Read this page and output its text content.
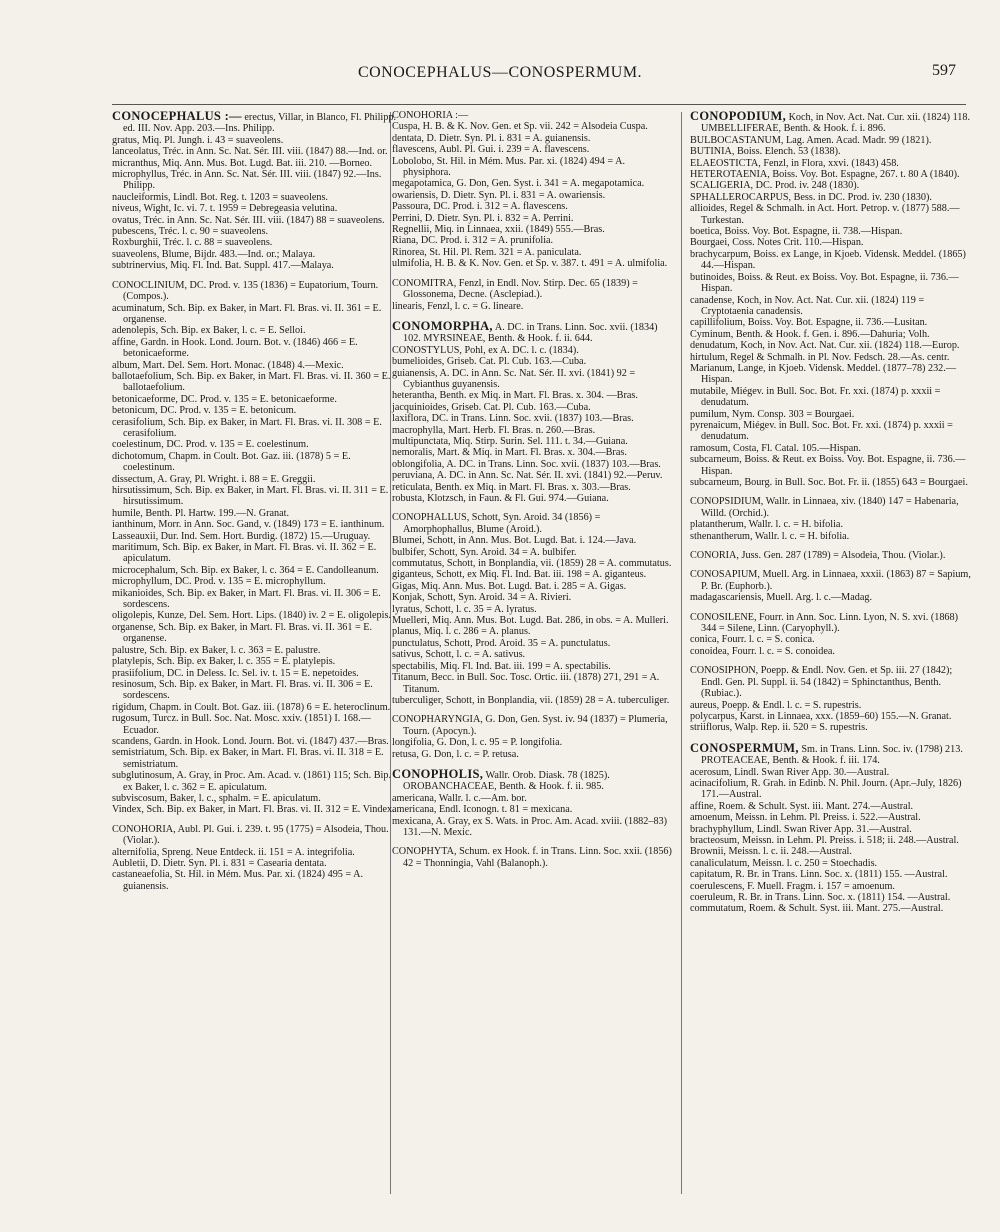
CONOCEPHALUS—CONOSPERMUM.	597
CONOCEPHALUS :— erectus, Villar, in Blanco, Fl. Philipp. ed. III. Nov. App. 203.—Ins. Philipp.
gratus, Miq. Pl. Jungh. i. 43 = suaveolens.
lanceolatus, Tréc. in Ann. Sc. Nat. Sér. III. viii. (1847) 88.—Ind. or.
micranthus, Miq. Ann. Mus. Bot. Lugd. Bat. iii. 210. —Borneo.
microphyllus, Tréc. in Ann. Sc. Nat. Sér. III. viii. (1847) 92.—Ins. Philipp.
naucleiformis, Lindl. Bot. Reg. t. 1203 = suaveolens.
niveus, Wight, Ic. vi. 7. t. 1959 = Debregeasia velutina.
ovatus, Tréc. in Ann. Sc. Nat. Sér. III. viii. (1847) 88 = suaveolens.
pubescens, Tréc. l. c. 90 = suaveolens.
Roxburghii, Tréc. l. c. 88 = suaveolens.
suaveolens, Blume, Bijdr. 483.—Ind. or.; Malaya.
subtrinervius, Miq. Fl. Ind. Bat. Suppl. 417.—Malaya.
CONOCLINIUM, DC. Prod. v. 135 (1836) = Eupatorium, Tourn. (Compos.).
acuminatum, Sch. Bip. ex Baker, in Mart. Fl. Bras. vi. II. 361 = E. organense.
adenolepis, Sch. Bip. ex Baker, l. c. = E. Selloi.
affine, Gardn. in Hook. Lond. Journ. Bot. v. (1846) 466 = E. betonicaeforme.
album, Mart. Del. Sem. Hort. Monac. (1848) 4.—Mexic.
ballotaefolium, Sch. Bip. ex Baker, in Mart. Fl. Bras. vi. II. 360 = E. ballotaefolium.
betonicaeforme, DC. Prod. v. 135 = E. betonicaeforme.
betonicum, DC. Prod. v. 135 = E. betonicum.
cerasifolium, Sch. Bip. ex Baker, in Mart. Fl. Bras. vi. II. 308 = E. cerasifolium.
coelestinum, DC. Prod. v. 135 = E. coelestinum.
dichotomum, Chapm. in Coult. Bot. Gaz. iii. (1878) 5 = E. coelestinum.
dissectum, A. Gray, Pl. Wright. i. 88 = E. Greggii.
hirsutissimum, Sch. Bip. ex Baker, in Mart. Fl. Bras. vi. II. 311 = E. hirsutissimum.
humile, Benth. Pl. Hartw. 199.—N. Granat.
ianthinum, Morr. in Ann. Soc. Gand, v. (1849) 173 = E. ianthinum.
Lasseauxii, Dur. Ind. Sem. Hort. Burdig. (1872) 15.—Uruguay.
maritimum, Sch. Bip. ex Baker, in Mart. Fl. Bras. vi. II. 362 = E. apiculatum.
microcephalum, Sch. Bip. ex Baker, l. c. 364 = E. Candolleanum.
microphyllum, DC. Prod. v. 135 = E. microphyllum.
mikanioides, Sch. Bip. ex Baker, in Mart. Fl. Bras. vi. II. 306 = E. sordescens.
oligolepis, Kunze, Del. Sem. Hort. Lips. (1840) iv. 2 = E. oligolepis.
organense, Sch. Bip. ex Baker, in Mart. Fl. Bras. vi. II. 361 = E. organense.
palustre, Sch. Bip. ex Baker, l. c. 363 = E. palustre.
platylepis, Sch. Bip. ex Baker, l. c. 355 = E. platylepis.
prasiifolium, DC. in Deless. Ic. Sel. iv. t. 15 = E. nepetoides.
resinosum, Sch. Bip. ex Baker, in Mart. Fl. Bras. vi. II. 306 = E. sordescens.
rigidum, Chapm. in Coult. Bot. Gaz. iii. (1878) 6 = E. heteroclinum.
rugosum, Turcz. in Bull. Soc. Nat. Mosc. xxiv. (1851) I. 168.—Ecuador.
scandens, Gardn. in Hook. Lond. Journ. Bot. vi. (1847) 437.—Bras.
semistriatum, Sch. Bip. ex Baker, in Mart. Fl. Bras. vi. II. 318 = E. semistriatum.
subglutinosum, A. Gray, in Proc. Am. Acad. v. (1861) 115; Sch. Bip. ex Baker, l. c. 362 = E. apiculatum.
subviscosum, Baker, l. c., sphalm. = E. apiculatum.
Vindex, Sch. Bip. ex Baker, in Mart. Fl. Bras. vi. II. 312 = E. Vindex.
CONOHORIA, Aubl. Pl. Gui. i. 239. t. 95 (1775) = Alsodeia, Thou. (Violar.).
alternifolia, Spreng. Neue Entdeck. ii. 151 = A. integrifolia.
Aubletii, D. Dietr. Syn. Pl. i. 831 = Casearia dentata.
castaneaefolia, St. Hil. in Mém. Mus. Par. xi. (1824) 495 = A. guianensis.
CONOHORIA :—
Cuspa, H. B. & K. Nov. Gen. et Sp. vii. 242 = Alsodeia Cuspa.
dentata, D. Dietr. Syn. Pl. i. 831 = A. guianensis.
flavescens, Aubl. Pl. Gui. i. 239 = A. flavescens.
Lobolobo, St. Hil. in Mém. Mus. Par. xi. (1824) 494 = A. physiphora.
megapotamica, G. Don, Gen. Syst. i. 341 = A. megapotamica.
owariensis, D. Dietr. Syn. Pl. i. 831 = A. owariensis.
Passoura, DC. Prod. i. 312 = A. flavescens.
Perrini, D. Dietr. Syn. Pl. i. 832 = A. Perrini.
Regnellii, Miq. in Linnaea, xxii. (1849) 555.—Bras.
Riana, DC. Prod. i. 312 = A. prunifolia.
Rinorea, St. Hil. Pl. Rem. 321 = A. paniculata.
ulmifolia, H. B. & K. Nov. Gen. et Sp. v. 387. t. 491 = A. ulmifolia.
CONOMITRA, Fenzl, in Endl. Nov. Stirp. Dec. 65 (1839) = Glossonema, Decne. (Asclepiad.).
linearis, Fenzl, l. c. = G. lineare.
CONOMORPHA, A. DC. in Trans. Linn. Soc. xvii. (1834) 102. MYRSINEAE, Benth. & Hook. f. ii. 644.
CONOSTYLUS, Pohl, ex A. DC. l. c. (1834).
bumelioides, Griseb. Cat. Pl. Cub. 163.—Cuba.
guianensis, A. DC. in Ann. Sc. Nat. Sér. II. xvi. (1841) 92 = Cybianthus guyanensis.
heterantha, Benth. ex Miq. in Mart. Fl. Bras. x. 304. —Bras.
jacquinioides, Griseb. Cat. Pl. Cub. 163.—Cuba.
laxiflora, DC. in Trans. Linn. Soc. xvii. (1837) 103.—Bras.
macrophylla, Mart. Herb. Fl. Bras. n. 260.—Bras.
multipunctata, Miq. Stirp. Surin. Sel. 111. t. 34.—Guiana.
nemoralis, Mart. & Miq. in Mart. Fl. Bras. x. 304.—Bras.
oblongifolia, A. DC. in Trans. Linn. Soc. xvii. (1837) 103.—Bras.
peruviana, A. DC. in Ann. Sc. Nat. Sér. II. xvi. (1841) 92.—Peruv.
reticulata, Benth. ex Miq. in Mart. Fl. Bras. x. 303.—Bras.
robusta, Klotzsch, in Faun. & Fl. Gui. 974.—Guiana.
CONOPHALLUS, Schott, Syn. Aroid. 34 (1856) = Amorphophallus, Blume (Aroid.).
Blumei, Schott, in Ann. Mus. Bot. Lugd. Bat. i. 124.—Java.
bulbifer, Schott, Syn. Aroid. 34 = A. bulbifer.
commutatus, Schott, in Bonplandia, vii. (1859) 28 = A. commutatus.
giganteus, Schott, ex Miq. Fl. Ind. Bat. iii. 198 = A. giganteus.
Gigas, Miq. Ann. Mus. Bot. Lugd. Bat. i. 285 = A. Gigas.
Konjak, Schott, Syn. Aroid. 34 = A. Rivieri.
lyratus, Schott, l. c. 35 = A. lyratus.
Muelleri, Miq. Ann. Mus. Bot. Lugd. Bat. 286, in obs. = A. Mulleri.
planus, Miq. l. c. 286 = A. planus.
punctulatus, Schott, Prod. Aroid. 35 = A. punctulatus.
sativus, Schott, l. c. = A. sativus.
spectabilis, Miq. Fl. Ind. Bat. iii. 199 = A. spectabilis.
Titanum, Becc. in Bull. Soc. Tosc. Ortic. iii. (1878) 271, 291 = A. Titanum.
tuberculiger, Schott, in Bonplandia, vii. (1859) 28 = A. tuberculiger.
CONOPHARYNGIA, G. Don, Gen. Syst. iv. 94 (1837) = Plumeria, Tourn. (Apocyn.).
longifolia, G. Don, l. c. 95 = P. longifolia.
retusa, G. Don, l. c. = P. retusa.
CONOPHOLIS, Wallr. Orob. Diask. 78 (1825). OROBANCHACEAE, Benth. & Hook. f. ii. 985.
americana, Wallr. l. c.—Am. bor.
americana, Endl. Iconogn. t. 81 = mexicana.
mexicana, A. Gray, ex S. Wats. in Proc. Am. Acad. xviii. (1882–83) 131.—N. Mexic.
CONOPHYTA, Schum. ex Hook. f. in Trans. Linn. Soc. xxii. (1856) 42 = Thonningia, Vahl (Balanoph.).
CONOPODIUM, Koch, in Nov. Act. Nat. Cur. xii. (1824) 118. UMBELLIFERAE, Benth. & Hook. f. i. 896.
BULBOCASTANUM, Lag. Amen. Acad. Madr. 99 (1821).
BUTINIA, Boiss. Elench. 53 (1838).
ELAEOSTICTA, Fenzl, in Flora, xxvi. (1843) 458.
HETEROTAENIA, Boiss. Voy. Bot. Espagne, 267. t. 80 A (1840).
SCALIGERIA, DC. Prod. iv. 248 (1830).
SPHALLEROCARPUS, Bess. in DC. Prod. iv. 230 (1830).
allioides, Regel & Schmalh. in Act. Hort. Petrop. v. (1877) 588.—Turkestan.
boetica, Boiss. Voy. Bot. Espagne, ii. 738.—Hispan.
Bourgaei, Coss. Notes Crit. 110.—Hispan.
brachycarpum, Boiss. ex Lange, in Kjoeb. Vidensk. Meddel. (1865) 44.—Hispan.
butinoides, Boiss. & Reut. ex Boiss. Voy. Bot. Espagne, ii. 736.—Hispan.
canadense, Koch, in Nov. Act. Nat. Cur. xii. (1824) 119 = Cryptotaenia canadensis.
capillifolium, Boiss. Voy. Bot. Espagne, ii. 736.—Lusitan.
Cyminum, Benth. & Hook. f. Gen. i. 896.—Dahuria; Volh.
denudatum, Koch, in Nov. Act. Nat. Cur. xii. (1824) 118.—Europ.
hirtulum, Regel & Schmalh. in Pl. Nov. Fedsch. 28.—As. centr.
Marianum, Lange, in Kjoeb. Vidensk. Meddel. (1877–78) 232.—Hispan.
mutabile, Miégev. in Bull. Soc. Bot. Fr. xxi. (1874) p. xxxii = denudatum.
pumilum, Nym. Consp. 303 = Bourgaei.
pyrenaicum, Miégev. in Bull. Soc. Bot. Fr. xxi. (1874) p. xxxii = denudatum.
ramosum, Costa, Fl. Catal. 105.—Hispan.
subcarneum, Boiss. & Reut. ex Boiss. Voy. Bot. Espagne, ii. 736.—Hispan.
subcarneum, Bourg. in Bull. Soc. Bot. Fr. ii. (1855) 643 = Bourgaei.
CONOPSIDIUM, Wallr. in Linnaea, xiv. (1840) 147 = Habenaria, Willd. (Orchid.).
platantherum, Wallr. l. c. = H. bifolia.
sthenantherum, Wallr. l. c. = H. bifolia.
CONORIA, Juss. Gen. 287 (1789) = Alsodeia, Thou. (Violar.).
CONOSAPIUM, Muell. Arg. in Linnaea, xxxii. (1863) 87 = Sapium, P. Br. (Euphorb.).
madagascariensis, Muell. Arg. l. c.—Madag.
CONOSILENE, Fourr. in Ann. Soc. Linn. Lyon, N. S. xvi. (1868) 344 = Silene, Linn. (Caryophyll.).
conica, Fourr. l. c. = S. conica.
conoidea, Fourr. l. c. = S. conoidea.
CONOSIPHON, Poepp. & Endl. Nov. Gen. et Sp. iii. 27 (1842); Endl. Gen. Pl. Suppl. ii. 54 (1842) = Sphinctanthus, Benth. (Rubiac.).
aureus, Poepp. & Endl. l. c. = S. rupestris.
polycarpus, Karst. in Linnaea, xxx. (1859–60) 155.—N. Granat.
striiflorus, Walp. Rep. ii. 520 = S. rupestris.
CONOSPERMUM, Sm. in Trans. Linn. Soc. iv. (1798) 213. PROTEACEAE, Benth. & Hook. f. iii. 174.
acerosum, Lindl. Swan River App. 30.—Austral.
acinacifolium, R. Grah. in Edinb. N. Phil. Journ. (Apr.–July, 1826) 171.—Austral.
affine, Roem. & Schult. Syst. iii. Mant. 274.—Austral.
amoenum, Meissn. in Lehm. Pl. Preiss. i. 522.—Austral.
brachyphyllum, Lindl. Swan River App. 31.—Austral.
bracteosum, Meissn. in Lehm. Pl. Preiss. i. 518; ii. 248.—Austral.
Brownii, Meissn. l. c. ii. 248.—Austral.
canaliculatum, Meissn. l. c. 250 = Stoechadis.
capitatum, R. Br. in Trans. Linn. Soc. x. (1811) 155. —Austral.
coerulescens, F. Muell. Fragm. i. 157 = amoenum.
coeruleum, R. Br. in Trans. Linn. Soc. x. (1811) 154. —Austral.
commutatum, Roem. & Schult. Syst. iii. Mant. 275.—Austral.
